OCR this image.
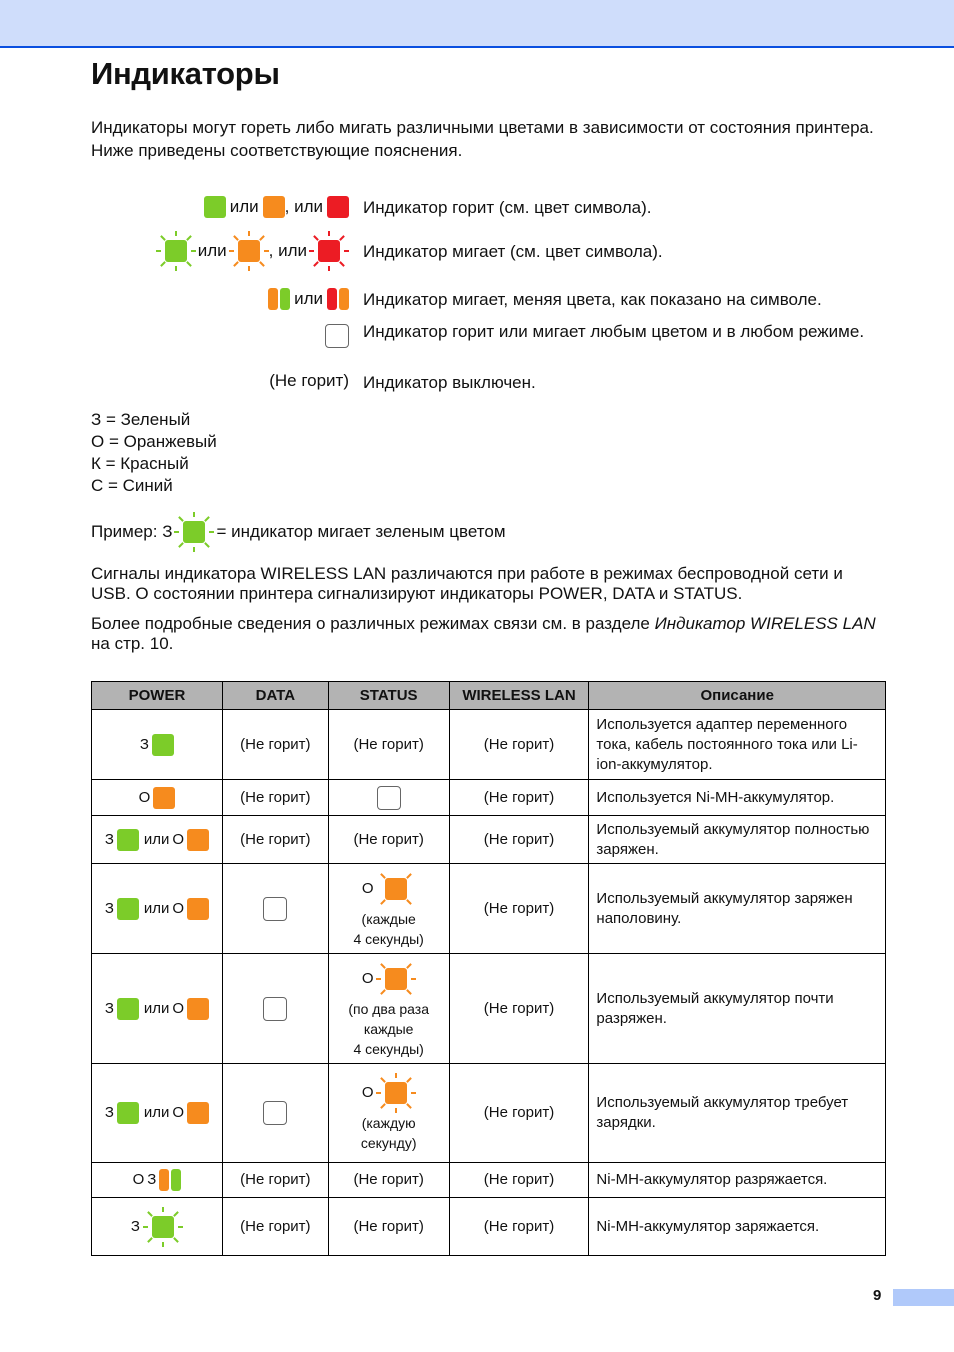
Индикаторы

Индикаторы могут гореть либо мигать различными цветами в зависимости от состояния принтера. Ниже приведены соответствующие пояснения.

или , или Индикатор горит (см. цвет символа).
или , или	Индикатор мигает (см. цвет символа).
или Индикатор мигает, меняя цвета, как показано на символе.
Индикатор горит или мигает любым цветом и в любом режиме.
(Не горит) Индикатор выключен.
З = Зеленый
О = Оранжевый
К = Красный
С = Синий
Пример: З	= индикатор мигает зеленым цветом

Сигналы индикатора WIRELESS LAN различаются при работе в режимах беспроводной сети и USB. О состоянии принтера сигнализируют индикаторы POWER, DATA и STATUS.

Более подробные сведения о различных режимах связи см. в разделе Индикатор WIRELESS LAN на стр. 10.

POWER	DATA	STATUS	WIRELESS LAN	Описание

З	(Не горит)	(Не горит)	(Не горит)	Используется адаптер переменного тока, кабель постоянного тока или Li-ion-аккумулятор.

О	(Не горит)		(Не горит)	Используется Ni-MH-аккумулятор.

З или О	(Не горит)	(Не горит)	(Не горит)	Используемый аккумулятор полностью заряжен.

З или О		О
(каждые
4 секунды)	(Не горит)	Используемый аккумулятор заряжен наполовину.

З или О		О
(по два раза
каждые
4 секунды)	(Не горит)	Используемый аккумулятор почти разряжен.

З или О		О
(каждую
секунду)	(Не горит)	Используемый аккумулятор требует зарядки.

О З	(Не горит)	(Не горит)	(Не горит)	Ni-MH-аккумулятор разряжается.

З	(Не горит)	(Не горит)	(Не горит)	Ni-MH-аккумулятор заряжается.
9
